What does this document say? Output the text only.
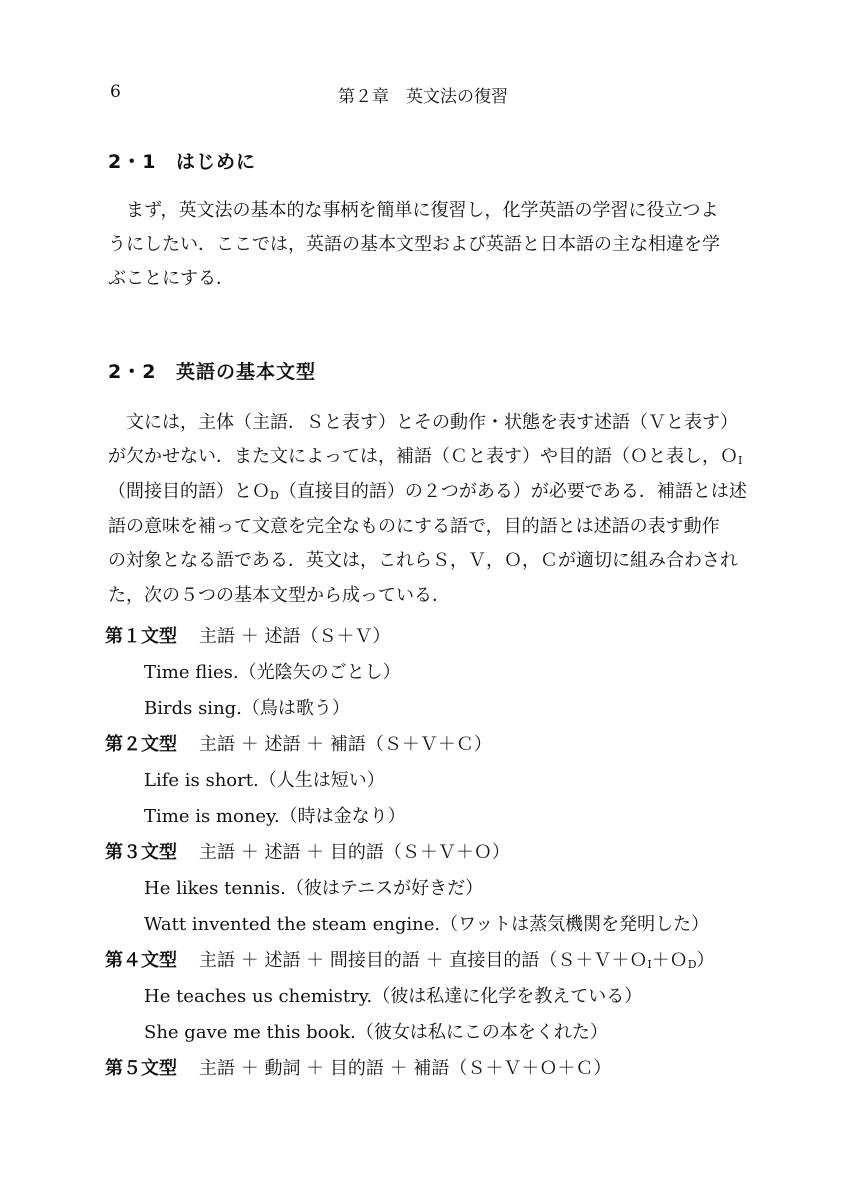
6	第２章　英文法の復習
2・1 はじめに
まず，英文法の基本的な事柄を簡単に復習し，化学英語の学習に役立つよ
うにしたい．ここでは，英語の基本文型および英語と日本語の主な相違を学
ぶことにする．
2・2 英語の基本文型
文には，主体（主語．Ｓと表す）とその動作・状態を表す述語（Ｖと表す）
が欠かせない．また文によっては，補語（Ｃと表す）や目的語（Ｏと表し，ＯI
（間接目的語）とＯD（直接目的語）の２つがある）が必要である．補語とは述
語の意味を補って文意を完全なものにする語で，目的語とは述語の表す動作
の対象となる語である．英文は，これらＳ，Ｖ，Ｏ，Ｃが適切に組み合わされ
た，次の５つの基本文型から成っている．
第１文型 主語 ＋ 述語（Ｓ＋Ｖ）
Time flies.（光陰矢のごとし）
Birds sing.（鳥は歌う）
第２文型 主語 ＋ 述語 ＋ 補語（Ｓ＋Ｖ＋Ｃ）
Life is short.（人生は短い）
Time is money.（時は金なり）
第３文型 主語 ＋ 述語 ＋ 目的語（Ｓ＋Ｖ＋Ｏ）
He likes tennis.（彼はテニスが好きだ）
Watt invented the steam engine.（ワットは蒸気機関を発明した）
第４文型 主語 ＋ 述語 ＋ 間接目的語 ＋ 直接目的語（Ｓ＋Ｖ＋ＯI＋ＯD）
He teaches us chemistry.（彼は私達に化学を教えている）
She gave me this book.（彼女は私にこの本をくれた）
第５文型 主語 ＋ 動詞 ＋ 目的語 ＋ 補語（Ｓ＋Ｖ＋Ｏ＋Ｃ）
